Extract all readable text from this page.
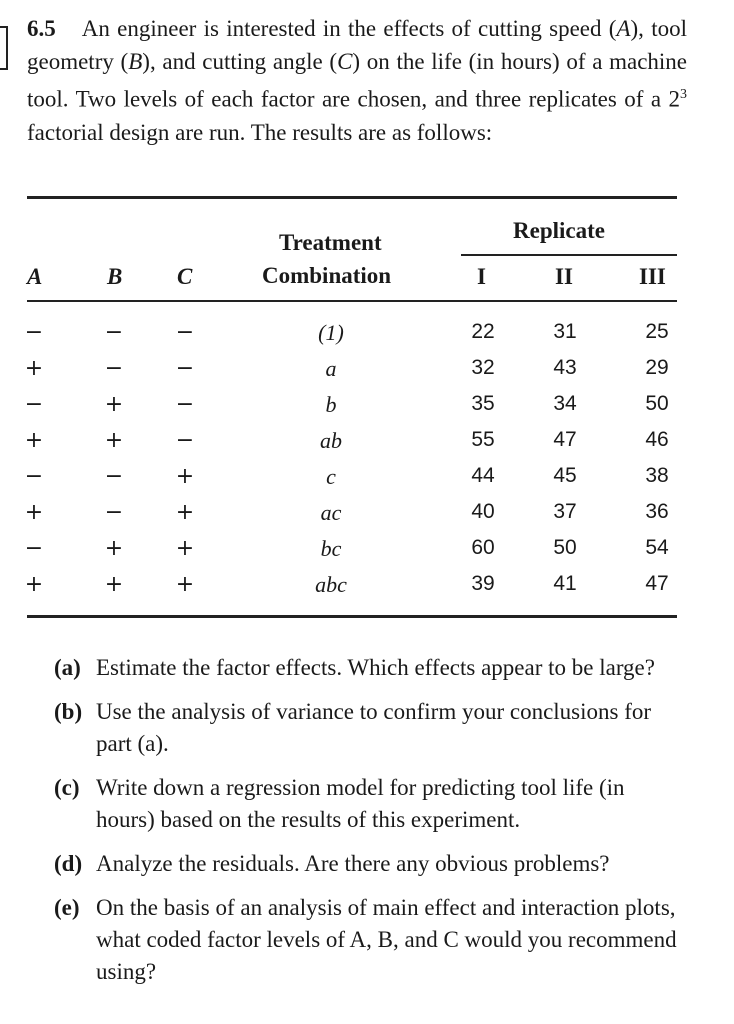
6.5 An engineer is interested in the effects of cutting speed (A), tool geometry (B), and cutting angle (C) on the life (in hours) of a machine tool. Two levels of each factor are chosen, and three replicates of a $2^3$ factorial design are run. The results are as follows:
Treatment	Replicate
A	B C	Combination	I	II	III
−	− −	(1)	22	31	25
+	− −	a	32	43	29
−	+ −	b	35	34	50
+	+ −	ab	55	47	46
−	− +	c	44	45	38
+	− +	ac	40	37	36
−	+ +	bc	60	50	54
+	+ +	abc	39	41	47
(a) Estimate the factor effects. Which effects appear to be large?
(b) Use the analysis of variance to confirm your conclusions for part (a).
(c) Write down a regression model for predicting tool life (in hours) based on the results of this experiment.
(d) Analyze the residuals. Are there any obvious problems?
(e) On the basis of an analysis of main effect and interaction plots, what coded factor levels of A, B, and C would you recommend using?
